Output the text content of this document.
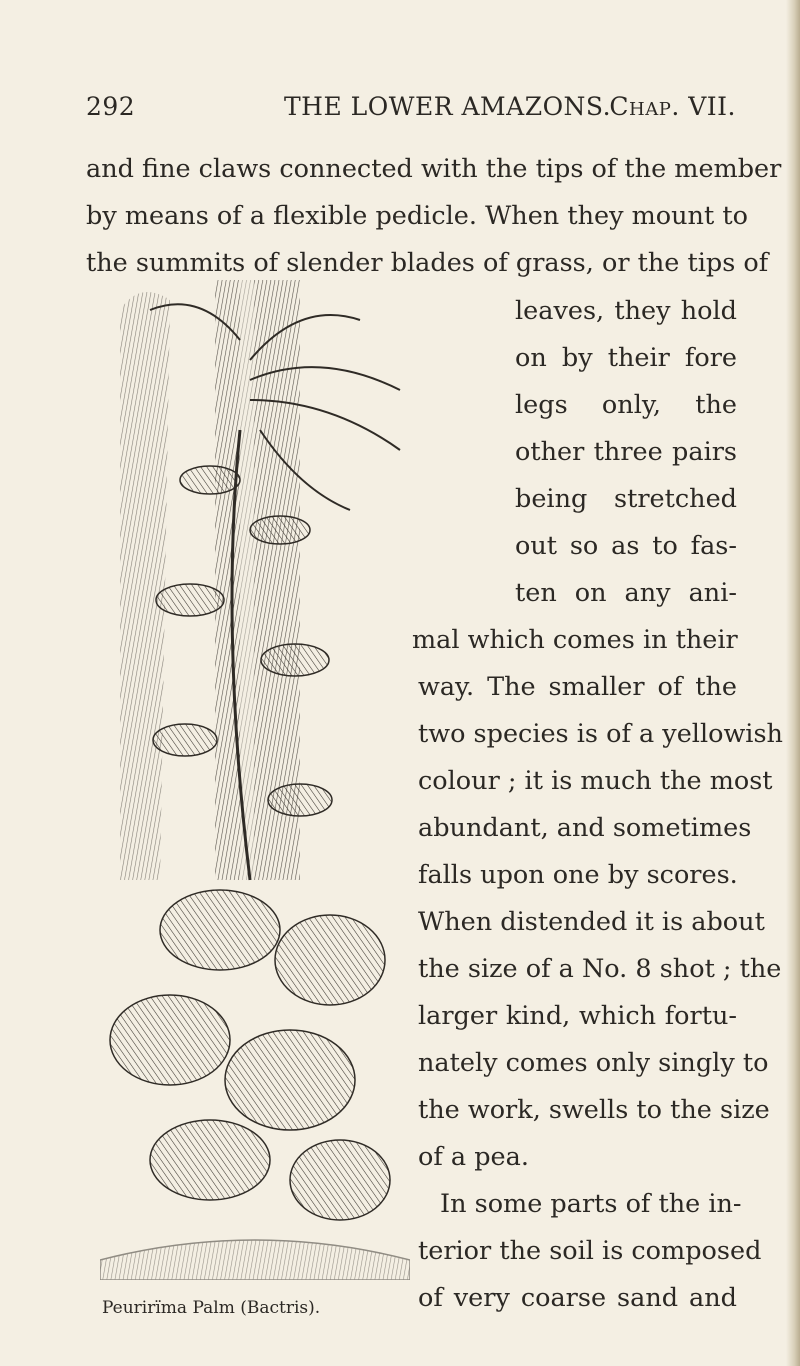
292	THE LOWER AMAZONS.
Chap. VII.
and fine claws connected with the tips of the member
by means of a flexible pedicle. When they mount to
the summits of slender blades of grass, or the tips of
leaves, they hold
on by their fore
legs only, the
other three pairs
being stretched
out so as to fas-
ten on any ani-
mal which comes in their
way. The smaller of the
two species is of a yellowish
colour ; it is much the most
abundant, and sometimes
falls upon one by scores.
When distended it is about
the size of a No. 8 shot ; the
larger kind, which fortu-
nately comes only singly to
the work, swells to the size
of a pea.
In some parts of the in-
terior the soil is composed
of very coarse sand and
Peurirïma Palm (Bactris).
